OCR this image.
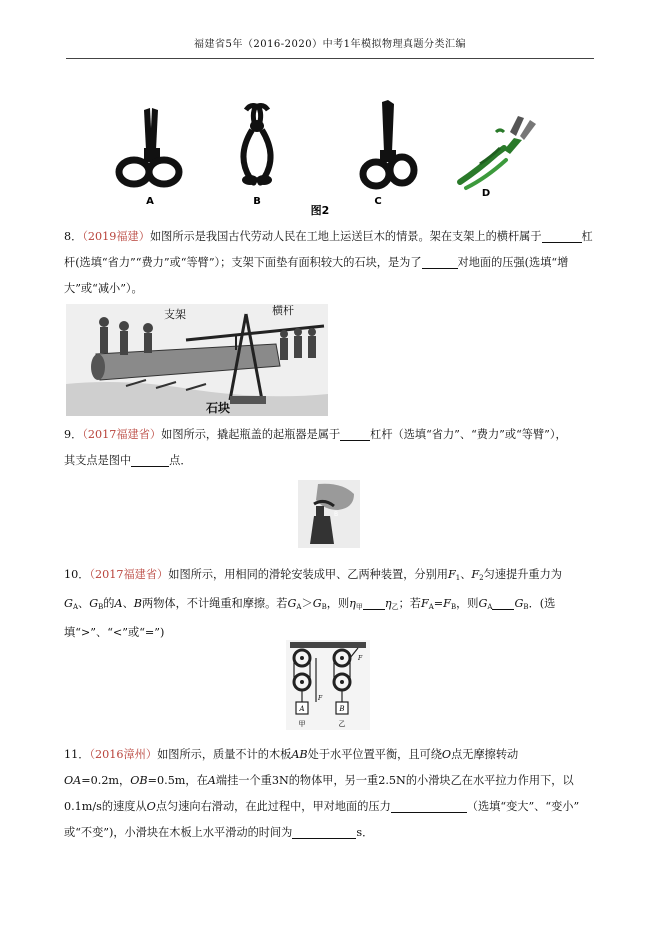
福建省5年（2016-2020）中考1年模拟物理真题分类汇编
A	B	C
D
图2
8．（2019福建）如图所示是我国古代劳动人民在工地上运送巨木的情景。架在支架上的横杆属于	杠
杆(选填“省力”“费力”或“等臂”）；支架下面垫有面积较大的石块，是为了	对地面的压强(选填“增
大”或“减小”）。
支架	横杆
石块
9．（2017福建省）如图所示，撬起瓶盖的起瓶器是属于	杠杆（选填“省力”、“费力”或“等臂”），
其支点是图中	点．
B
10．（2017福建省）如图所示，用相同的滑轮安装成甲、乙两种装置，分别用$F_1$、$F_2$匀速提升重力为
$G_A$、$G_B$的A、B两物体，不计绳重和摩擦。若$G_A>G_B$，则$\eta_甲$ $\eta_乙$；若$F_A=F_B$，则$G_A$ $G_B$．(选
填“>”、“<”或“=”)
A
F
甲
B
F
乙
11．（2016漳州）如图所示，质量不计的木板AB处于水平位置平衡，且可绕O点无摩擦转动
OA=0.2m，OB=0.5m，在A端挂一个重3N的物体甲，另一重2.5N的小滑块乙在水平拉力作用下，以
0.1m/s的速度从O点匀速向右滑动，在此过程中，甲对地面的压力	（选填“变大”、“变小”
或“不变”)，小滑块在木板上水平滑动的时间为	s．
